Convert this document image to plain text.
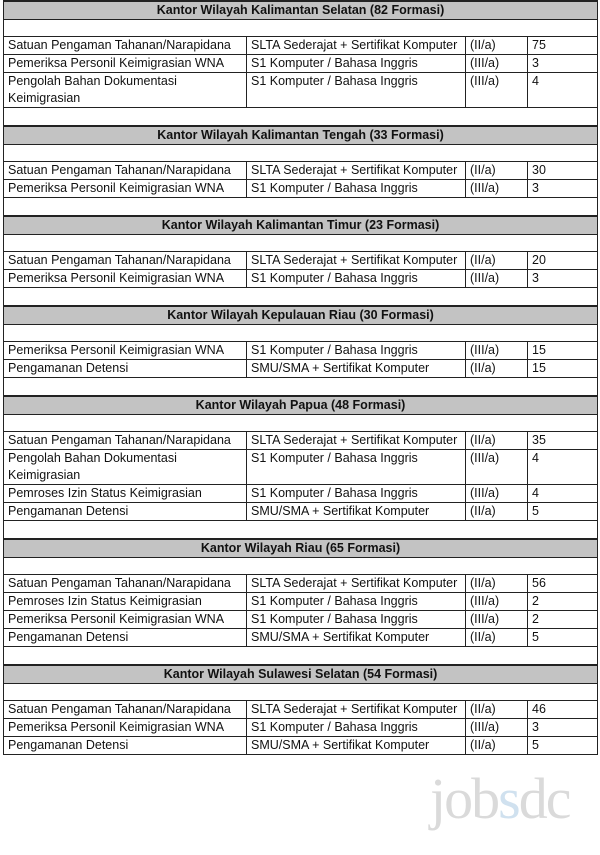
Kantor Wilayah Kalimantan Selatan (82 Formasi)			

Satuan Pengaman Tahanan/Narapidana	SLTA Sederajat + Sertifikat Komputer	(II/a)	75
Pemeriksa Personil Keimigrasian WNA	S1 Komputer / Bahasa Inggris	(III/a)	3
Pengolah Bahan Dokumentasi Keimigrasian	S1 Komputer / Bahasa Inggris	(III/a)	4

Kantor Wilayah Kalimantan Tengah (33 Formasi)			

Satuan Pengaman Tahanan/Narapidana	SLTA Sederajat + Sertifikat Komputer	(II/a)	30
Pemeriksa Personil Keimigrasian WNA	S1 Komputer / Bahasa Inggris	(III/a)	3

Kantor Wilayah Kalimantan Timur (23 Formasi)			

Satuan Pengaman Tahanan/Narapidana	SLTA Sederajat + Sertifikat Komputer	(II/a)	20
Pemeriksa Personil Keimigrasian WNA	S1 Komputer / Bahasa Inggris	(III/a)	3

Kantor Wilayah Kepulauan Riau (30 Formasi)			

Pemeriksa Personil Keimigrasian WNA	S1 Komputer / Bahasa Inggris	(III/a)	15
Pengamanan Detensi	SMU/SMA + Sertifikat Komputer	(II/a)	15

Kantor Wilayah Papua (48 Formasi)			

Satuan Pengaman Tahanan/Narapidana	SLTA Sederajat + Sertifikat Komputer	(II/a)	35
Pengolah Bahan Dokumentasi Keimigrasian	S1 Komputer / Bahasa Inggris	(III/a)	4
Pemroses Izin Status Keimigrasian	S1 Komputer / Bahasa Inggris	(III/a)	4
Pengamanan Detensi	SMU/SMA + Sertifikat Komputer	(II/a)	5

Kantor Wilayah Riau (65 Formasi)			

Satuan Pengaman Tahanan/Narapidana	SLTA Sederajat + Sertifikat Komputer	(II/a)	56
Pemroses Izin Status Keimigrasian	S1 Komputer / Bahasa Inggris	(III/a)	2
Pemeriksa Personil Keimigrasian WNA	S1 Komputer / Bahasa Inggris	(III/a)	2
Pengamanan Detensi	SMU/SMA + Sertifikat Komputer	(II/a)	5

Kantor Wilayah Sulawesi Selatan (54 Formasi)			

Satuan Pengaman Tahanan/Narapidana	SLTA Sederajat + Sertifikat Komputer	(II/a)	46
Pemeriksa Personil Keimigrasian WNA	S1 Komputer / Bahasa Inggris	(III/a)	3
Pengamanan Detensi	SMU/SMA + Sertifikat Komputer	(II/a)	5
jobsdc
